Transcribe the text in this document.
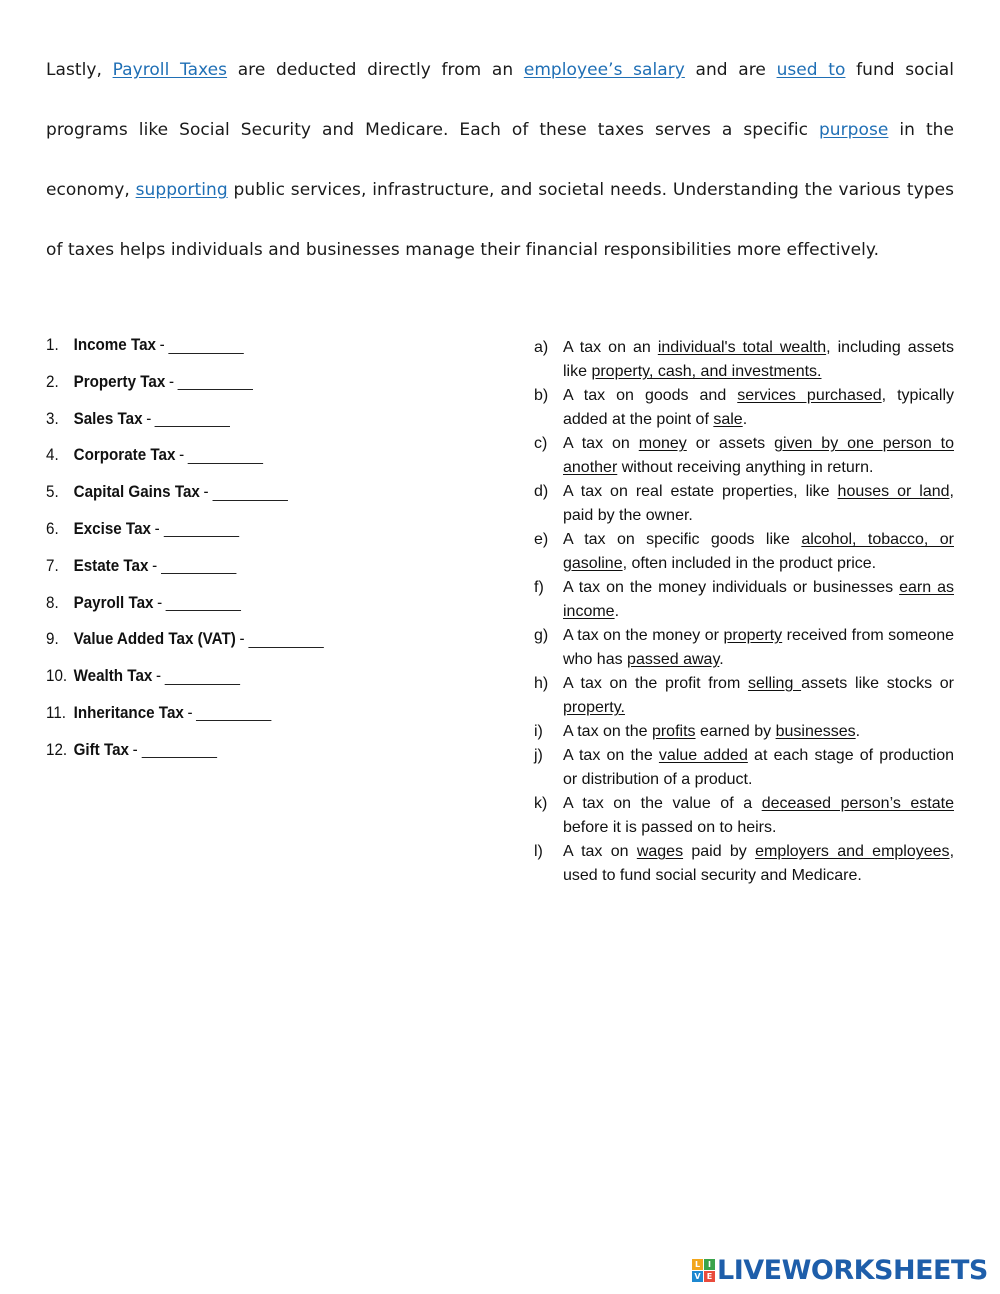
Lastly, Payroll Taxes are deducted directly from an employee’s salary and are used to fund social programs like Social Security and Medicare. Each of these taxes serves a specific purpose in the economy, supporting public services, infrastructure, and societal needs. Understanding the various types of taxes helps individuals and businesses manage their financial responsibilities more effectively.
1. Income Tax -
2. Property Tax -
3. Sales Tax -
4. Corporate Tax -
5. Capital Gains Tax -
6. Excise Tax -
7. Estate Tax -
8. Payroll Tax -
9. Value Added Tax (VAT) -
10. Wealth Tax -
11. Inheritance Tax -
12. Gift Tax -
a) A tax on an individual's total wealth, including assets like property, cash, and investments.
b) A tax on goods and services purchased, typically added at the point of sale.
c) A tax on money or assets given by one person to another without receiving anything in return.
d) A tax on real estate properties, like houses or land, paid by the owner.
e) A tax on specific goods like alcohol, tobacco, or gasoline, often included in the product price.
f)	A tax on the money individuals or businesses earn as income.
g) A tax on the money or property received from someone who has passed away.
h) A tax on the profit from selling assets like stocks or property.
i)	A tax on the profits earned by businesses.
j)	A tax on the value added at each stage of production or distribution of a product.
k) A tax on the value of a deceased person’s estate before it is passed on to heirs.
l)	A tax on wages paid by employers and employees, used to fund social security and Medicare.
L I
V E LIVEWORKSHEETS
